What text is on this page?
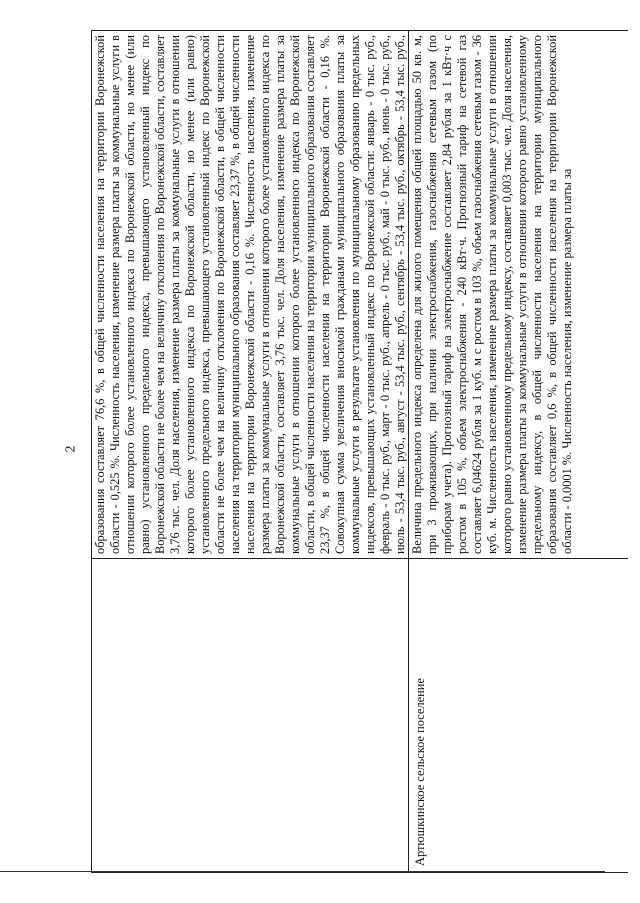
2
образования составляет 76,6 %, в общей численности населения на территории Воронежской области - 0,525 %. Численность населения, изменение размера платы за коммунальные услуги в отношении которого более установленного индекса по Воронежской области, но менее (или равно) установленного предельного индекса, превышающего установленный индекс по Воронежской области не более чем на величину отклонения по Воронежской области, составляет 3,76 тыс. чел. Доля населения, изменение размера платы за коммунальные услуги в отношении которого более установленного индекса по Воронежской области, но менее (или равно) установленного предельного индекса, превышающего установленный индекс по Воронежской области не более чем на величину отклонения по Воронежской области, в общей численности населения на территории муниципального образования составляет 23,37 %, в общей численности населения на территории Воронежской области - 0,16 %. Численность населения, изменение размера платы за коммунальные услуги в отношении которого более установленного индекса по Воронежской области, составляет 3,76 тыс. чел. Доля населения, изменение размера платы за коммунальные услуги в отношении которого более установленного индекса по Воронежской области, в общей численности населения на территории муниципального образования составляет 23,37 %, в общей численности населения на территории Воронежской области - 0,16 %. Совокупная сумма увеличения вносимой гражданами муниципального образования платы за коммунальные услуги в результате установления по муниципальному образованию предельных индексов, превышающих установленный индекс по Воронежской области: январь - 0 тыс. руб., февраль - 0 тыс. руб., март - 0 тыс. руб., апрель - 0 тыс. руб., май - 0 тыс. руб., июнь - 0 тыс. руб., июль - 53,4 тыс. руб., август - 53,4 тыс. руб., сентябрь - 53,4 тыс. руб., октябрь - 53,4 тыс. руб.,
Артюшкинское сельское поселение
Величина предельного индекса определена для жилого помещения общей площадью 50 кв. м, при 3 проживающих, при наличии электроснабжения, газоснабжения сетевым газом (по приборам учета). Прогнозный тариф на электроснабжение составляет 2,84 рубля за 1 кВт·ч с ростом в 105 %, объем электроснабжения - 240 кВт·ч. Прогнозный тариф на сетевой газ составляет 6,04624 рубля за 1 куб. м с ростом в 103 %, объем газоснабжения сетевым газом - 36 куб. м. Численность населения, изменение размера платы за коммунальные услуги в отношении которого равно установленному предельному индексу, составляет 0,003 тыс. чел. Доля населения, изменение размера платы за коммунальные услуги в отношении которого равно установленному предельному индексу, в общей численности населения на территории муниципального образования составляет 0,6 %, в общей численности населения на территории Воронежской области - 0,0001 %. Численность населения, изменение размера платы за
